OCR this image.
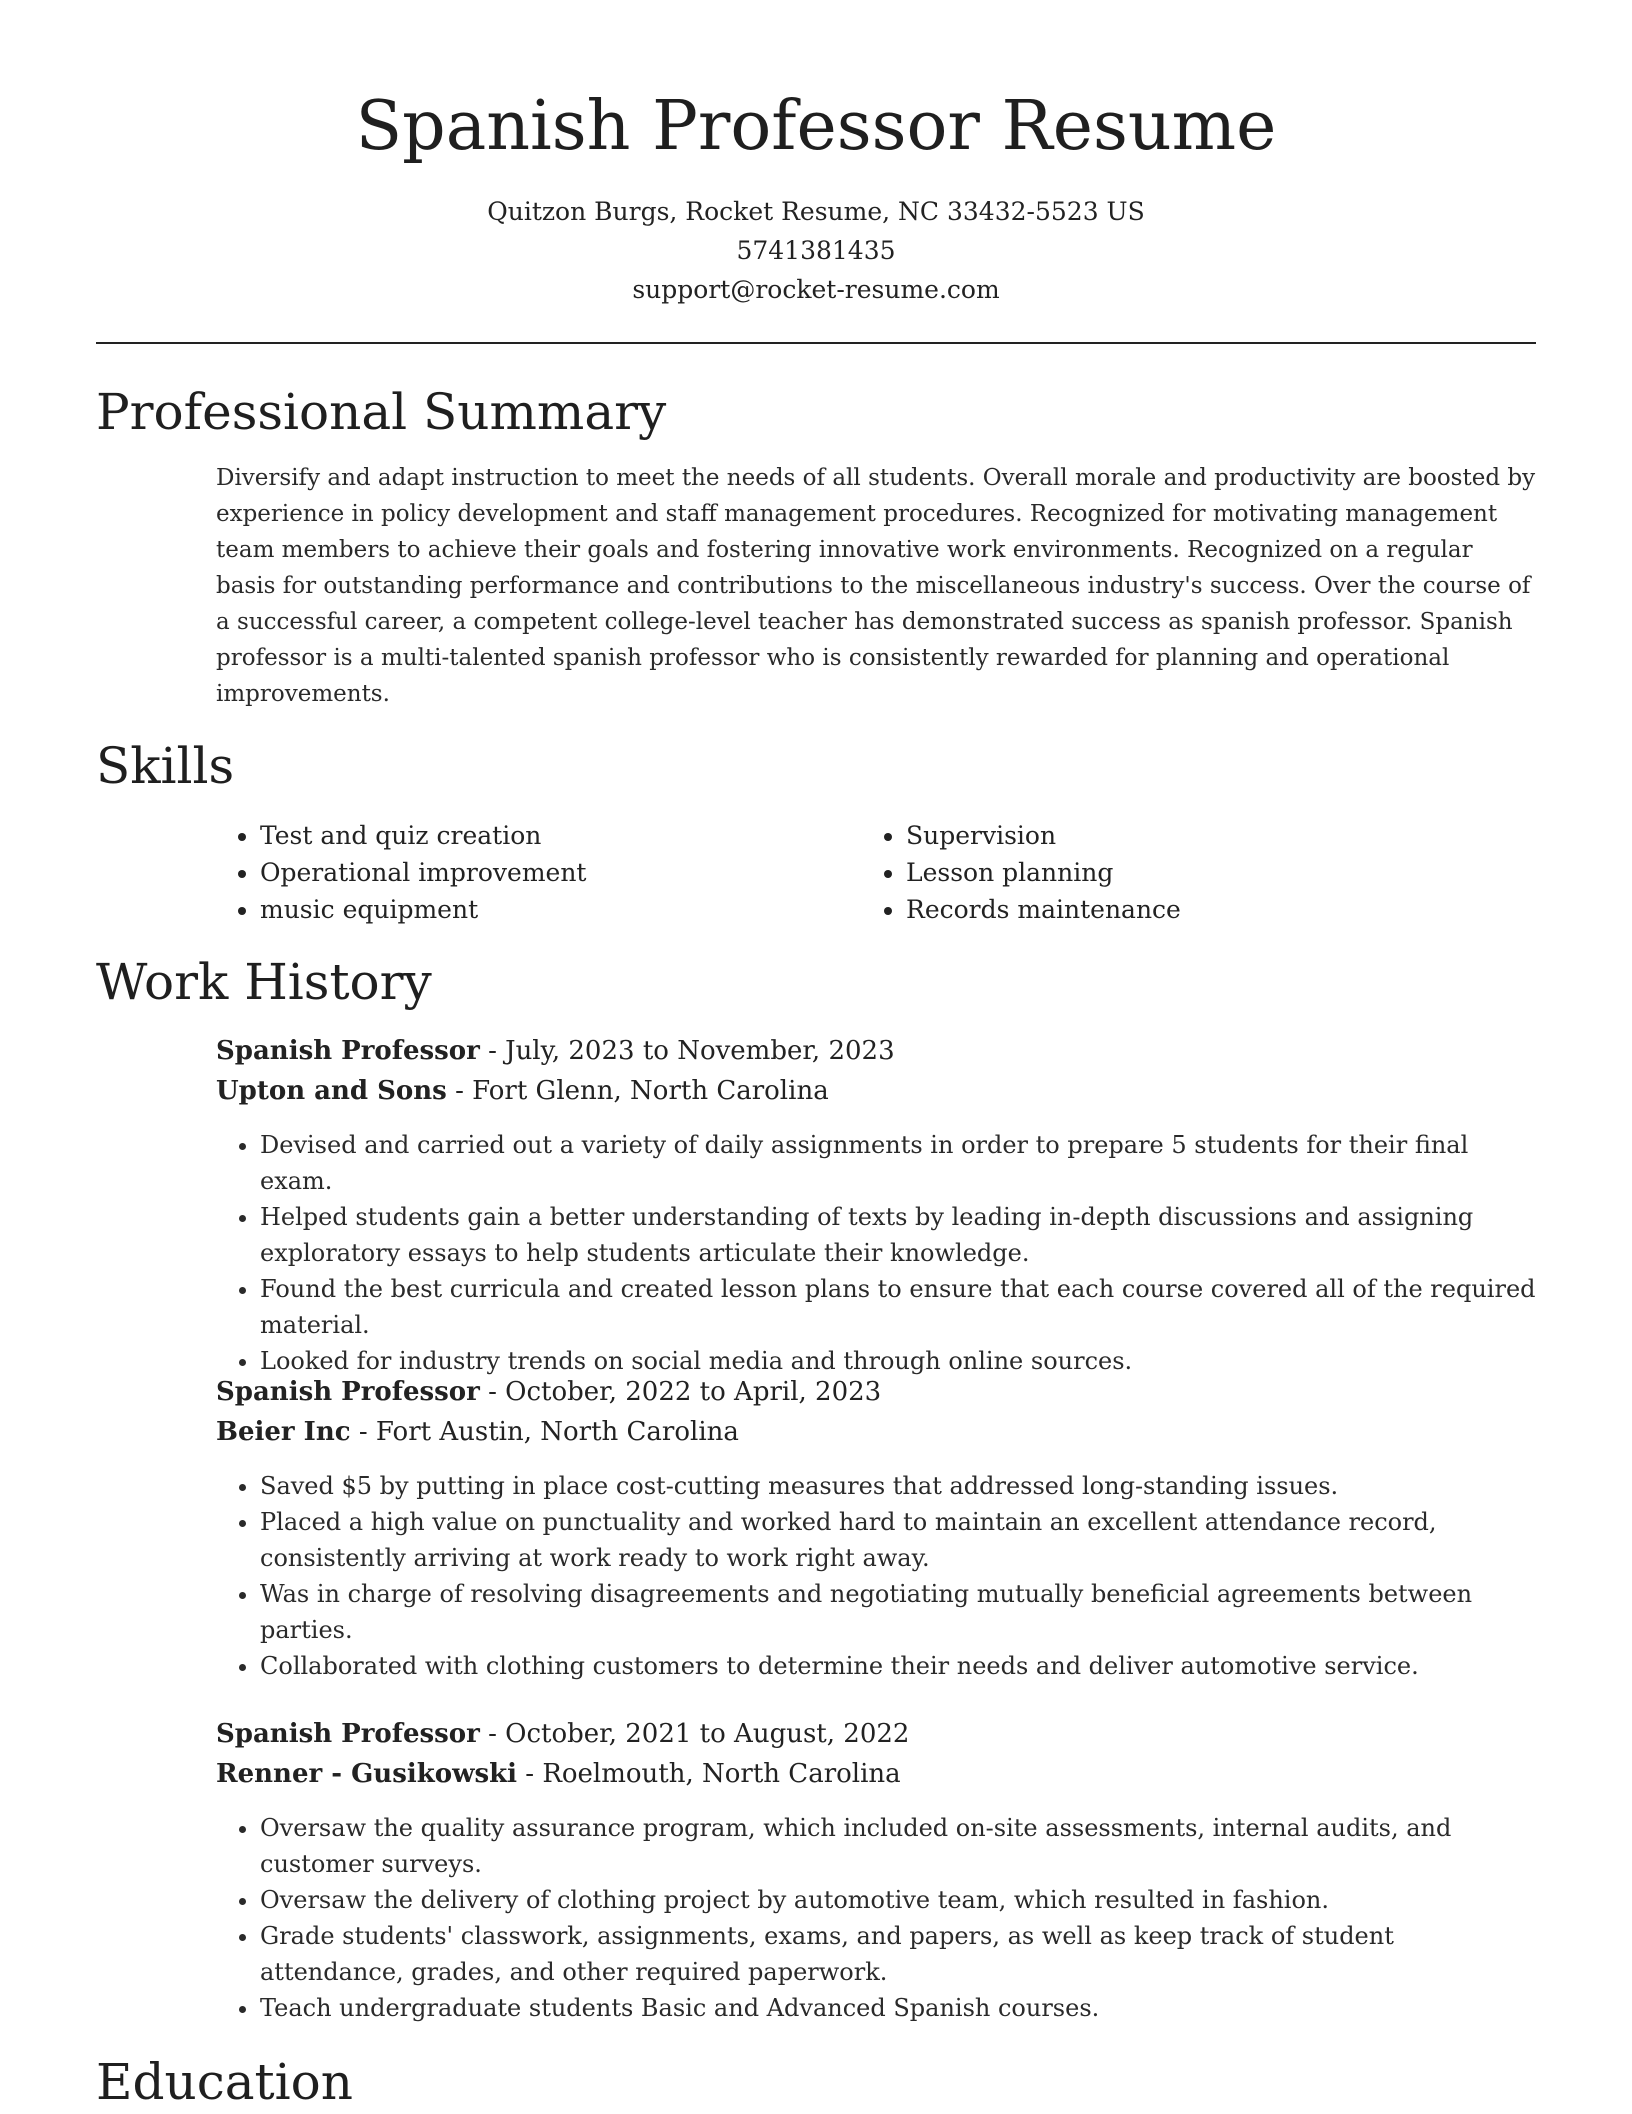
Spanish Professor Resume
Quitzon Burgs, Rocket Resume, NC 33432-5523 US
5741381435
support@rocket-resume.com
Professional Summary

Diversify and adapt instruction to meet the needs of all students. Overall morale and productivity are boosted by experience in policy development and staff management procedures. Recognized for motivating management team members to achieve their goals and fostering innovative work environments. Recognized on a regular basis for outstanding performance and contributions to the miscellaneous industry's success. Over the course of a successful career, a competent college-level teacher has demonstrated success as spanish professor. Spanish professor is a multi-talented spanish professor who is consistently rewarded for planning and operational improvements.

Skills
• Test and quiz creation
• Operational improvement
• music equipment
• Supervision
• Lesson planning
• Records maintenance
Work History

Spanish Professor - July, 2023 to November, 2023

Upton and Sons - Fort Glenn, North Carolina

• Devised and carried out a variety of daily assignments in order to prepare 5 students for their final exam.
• Helped students gain a better understanding of texts by leading in-depth discussions and assigning exploratory essays to help students articulate their knowledge.
• Found the best curricula and created lesson plans to ensure that each course covered all of the required material.
• Looked for industry trends on social media and through online sources.

Spanish Professor - October, 2022 to April, 2023

Beier Inc - Fort Austin, North Carolina

• Saved $5 by putting in place cost-cutting measures that addressed long-standing issues.
• Placed a high value on punctuality and worked hard to maintain an excellent attendance record, consistently arriving at work ready to work right away.
• Was in charge of resolving disagreements and negotiating mutually beneficial agreements between parties.
• Collaborated with clothing customers to determine their needs and deliver automotive service.

Spanish Professor - October, 2021 to August, 2022

Renner - Gusikowski - Roelmouth, North Carolina

• Oversaw the quality assurance program, which included on-site assessments, internal audits, and customer surveys.
• Oversaw the delivery of clothing project by automotive team, which resulted in fashion.
• Grade students' classwork, assignments, exams, and papers, as well as keep track of student attendance, grades, and other required paperwork.
• Teach undergraduate students Basic and Advanced Spanish courses.
Education
